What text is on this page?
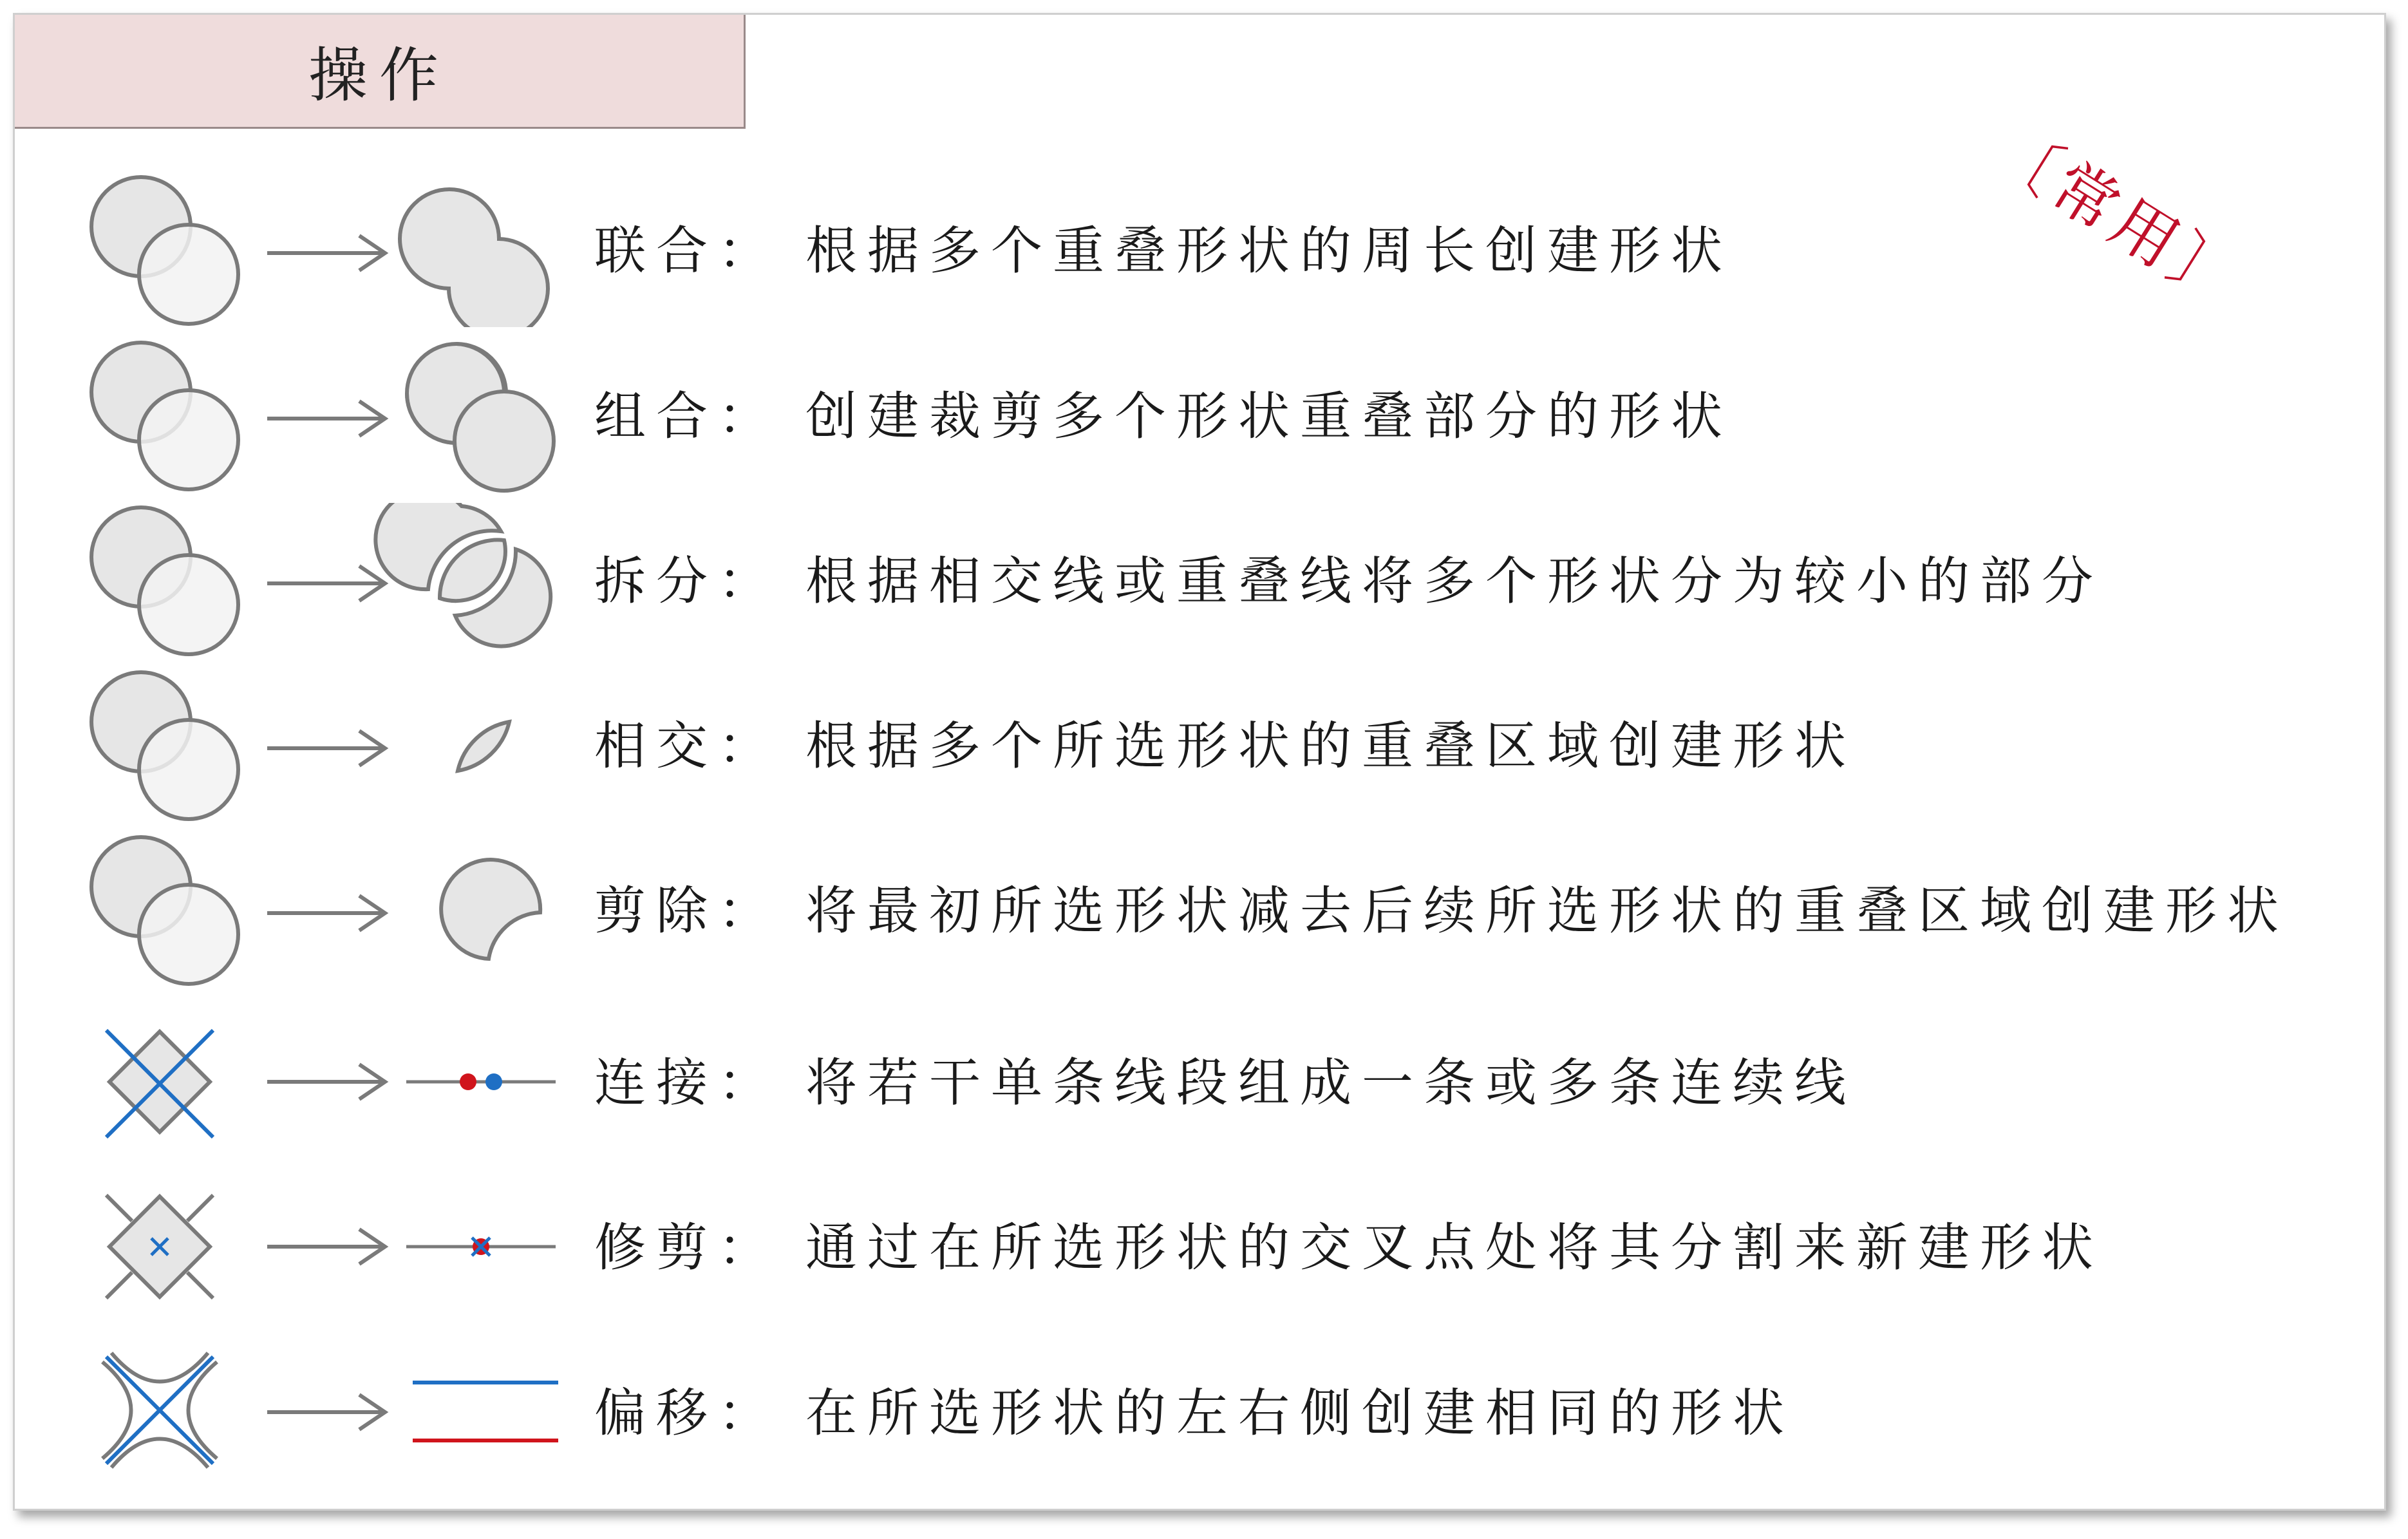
操作
〔常用〕
联合： 根据多个重叠形状的周长创建形状
组合： 创建裁剪多个形状重叠部分的形状
拆分： 根据相交线或重叠线将多个形状分为较小的部分
相交： 根据多个所选形状的重叠区域创建形状
剪除： 将最初所选形状减去后续所选形状的重叠区域创建形状
连接： 将若干单条线段组成一条或多条连续线
修剪： 通过在所选形状的交叉点处将其分割来新建形状
偏移： 在所选形状的左右侧创建相同的形状
